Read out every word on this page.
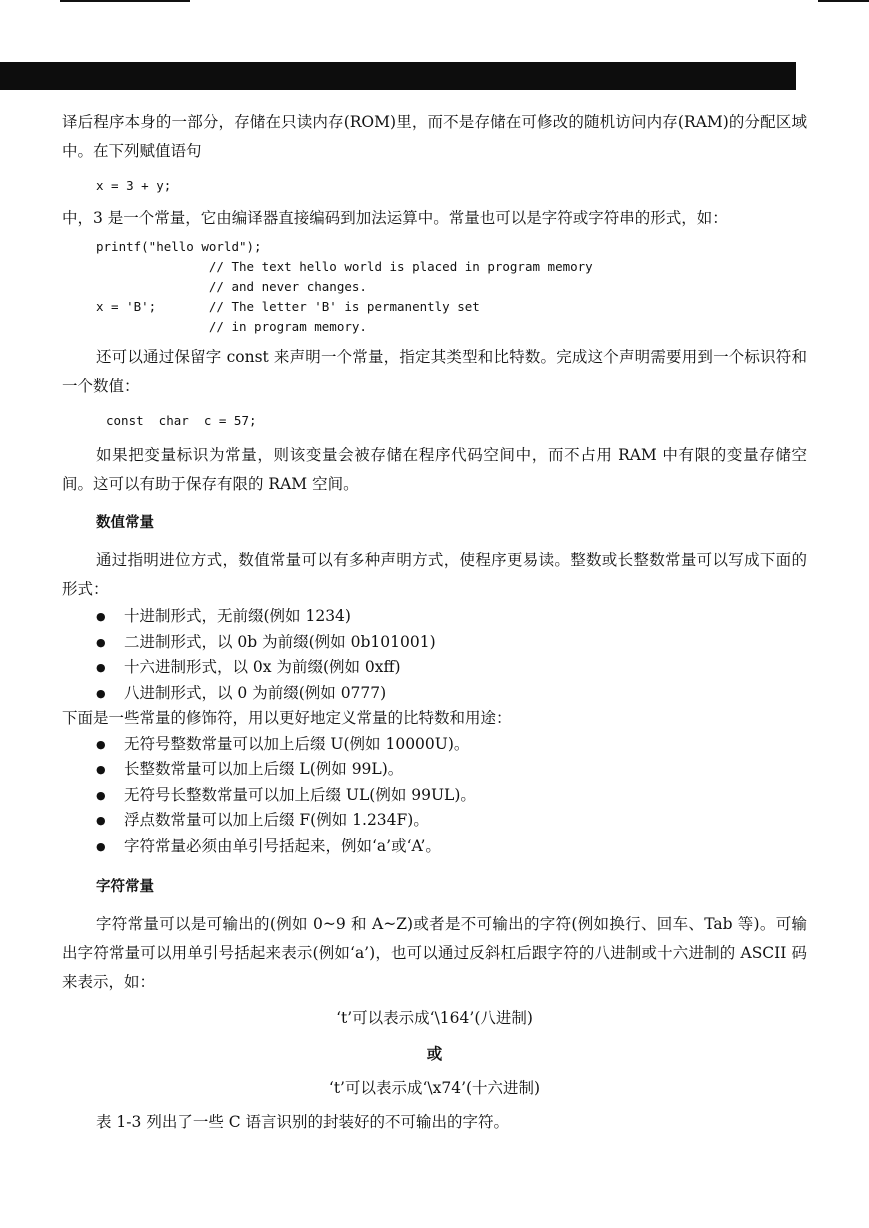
译后程序本身的一部分，存储在只读内存(ROM)里，而不是存储在可修改的随机访问内存(RAM)的分配区域中。在下列赋值语句

x = 3 + y;

中，3 是一个常量，它由编译器直接编码到加法运算中。常量也可以是字符或字符串的形式，如：

printf("hello world");
// The text hello world is placed in program memory
// and never changes.
x = 'B';       // The letter 'B' is permanently set
// in program memory.

还可以通过保留字 const 来声明一个常量，指定其类型和比特数。完成这个声明需要用到一个标识符和一个数值：

const  char  c = 57;

如果把变量标识为常量，则该变量会被存储在程序代码空间中，而不占用 RAM 中有限的变量存储空间。这可以有助于保存有限的 RAM 空间。

数值常量

通过指明进位方式，数值常量可以有多种声明方式，使程序更易读。整数或长整数常量可以写成下面的形式：

● 十进制形式，无前缀(例如 1234)
● 二进制形式，以 0b 为前缀(例如 0b101001)
● 十六进制形式，以 0x 为前缀(例如 0xff)
● 八进制形式，以 0 为前缀(例如 0777)

下面是一些常量的修饰符，用以更好地定义常量的比特数和用途：

● 无符号整数常量可以加上后缀 U(例如 10000U)。
● 长整数常量可以加上后缀 L(例如 99L)。
● 无符号长整数常量可以加上后缀 UL(例如 99UL)。
● 浮点数常量可以加上后缀 F(例如 1.234F)。
● 字符常量必须由单引号括起来，例如‘a’或‘A’。
字符常量

字符常量可以是可输出的(例如 0~9 和 A~Z)或者是不可输出的字符(例如换行、回车、Tab 等)。可输出字符常量可以用单引号括起来表示(例如‘a’)，也可以通过反斜杠后跟字符的八进制或十六进制的 ASCII 码来表示，如：

‘t’可以表示成‘\164’(八进制)

或

‘t’可以表示成‘\x74’(十六进制)

表 1-3 列出了一些 C 语言识别的封装好的不可输出的字符。
